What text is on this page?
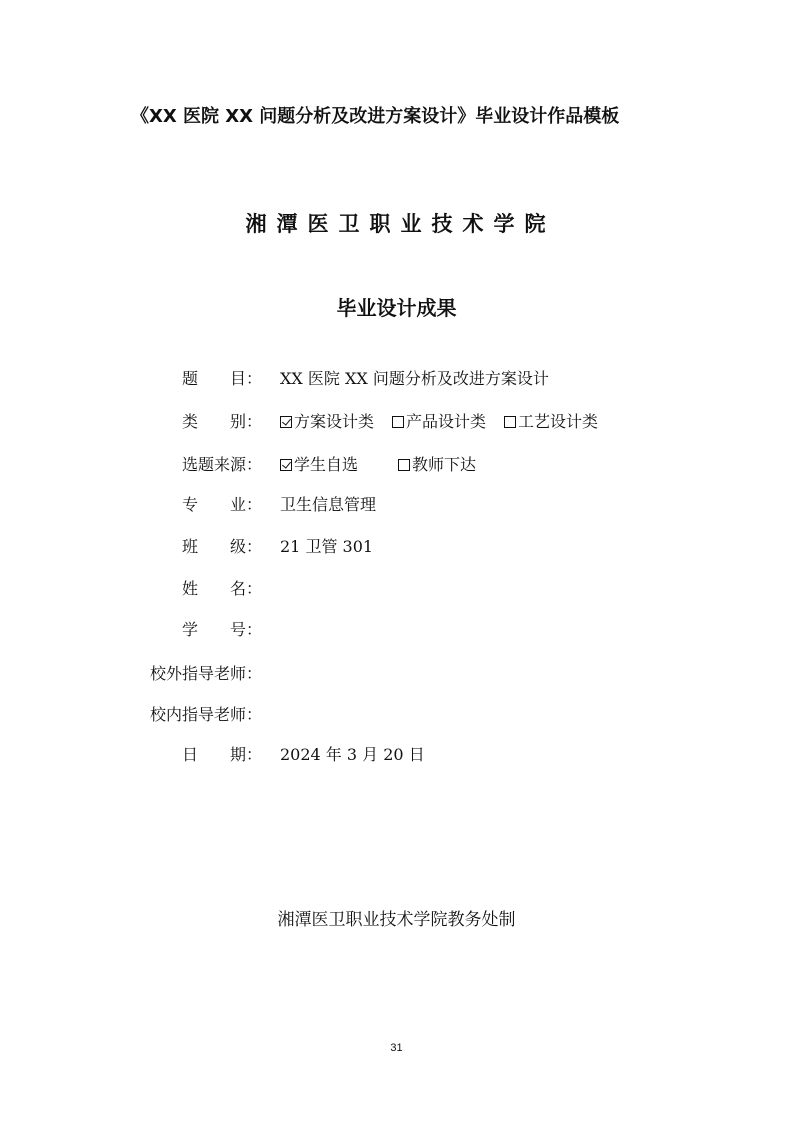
《XX 医院 XX 问题分析及改进方案设计》毕业设计作品模板
湘潭医卫职业技术学院
毕业设计成果
题　　目： XX 医院 XX 问题分析及改进方案设计
类　　别：	方案设计类 产品设计类 工艺设计类
选题来源：	学生自选	教师下达
专　　业： 卫生信息管理
班　　级： 21 卫管 301
姓　　名：
学　　号：
校外指导老师：
校内指导老师：
日　　期： 2024 年 3 月 20 日
湘潭医卫职业技术学院教务处制
31
